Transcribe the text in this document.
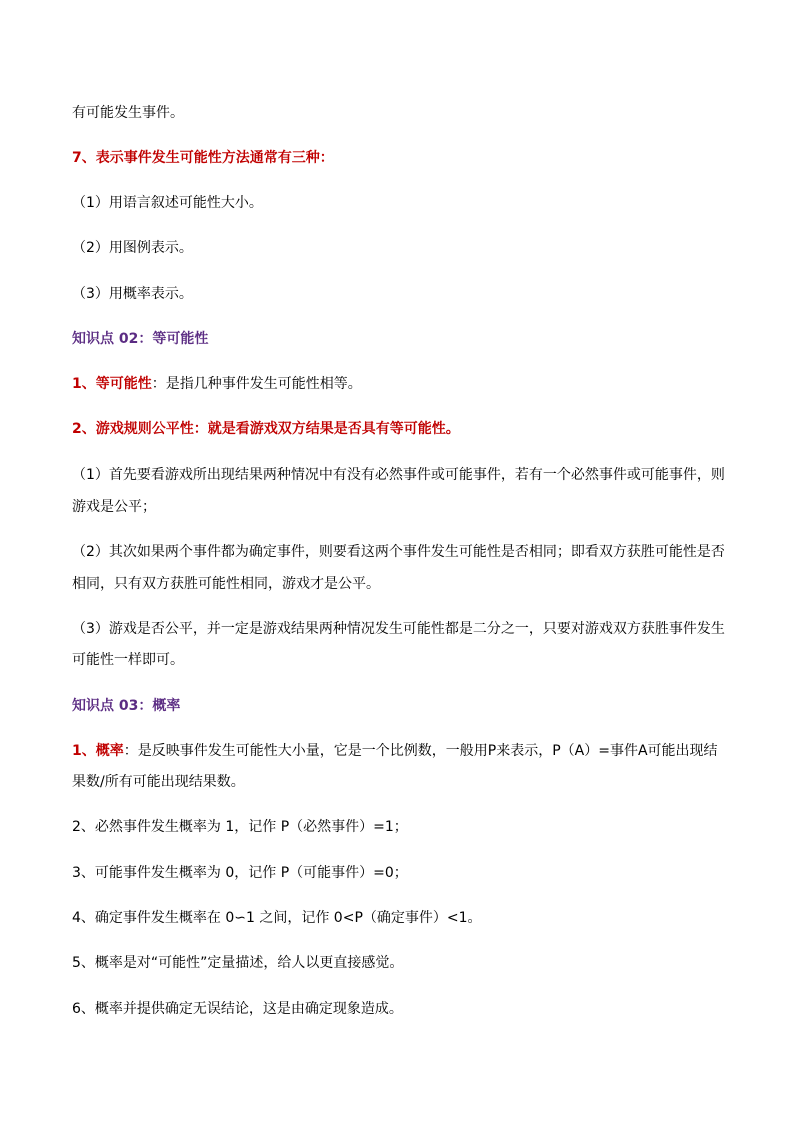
有可能发生事件。
7、表示事件发生可能性方法通常有三种：
（1）用语言叙述可能性大小。
（2）用图例表示。
（3）用概率表示。
知识点 02：等可能性
1、等可能性：是指几种事件发生可能性相等。
2、游戏规则公平性：就是看游戏双方结果是否具有等可能性。
（1）首先要看游戏所出现结果两种情况中有没有必然事件或可能事件，若有一个必然事件或可能事件，则
游戏是公平；
（2）其次如果两个事件都为确定事件，则要看这两个事件发生可能性是否相同；即看双方获胜可能性是否
相同，只有双方获胜可能性相同，游戏才是公平。
（3）游戏是否公平，并一定是游戏结果两种情况发生可能性都是二分之一，只要对游戏双方获胜事件发生
可能性一样即可。
知识点 03：概率
1、概率：是反映事件发生可能性大小量，它是一个比例数，一般用P来表示，P（A）=事件A可能出现结
果数/所有可能出现结果数。
2、必然事件发生概率为 1，记作 P（必然事件）=1；
3、可能事件发生概率为 0，记作 P（可能事件）=0；
4、确定事件发生概率在 0∽1 之间，记作 0<P（确定事件）<1。
5、概率是对“可能性”定量描述，给人以更直接感觉。
6、概率并提供确定无误结论，这是由确定现象造成。
